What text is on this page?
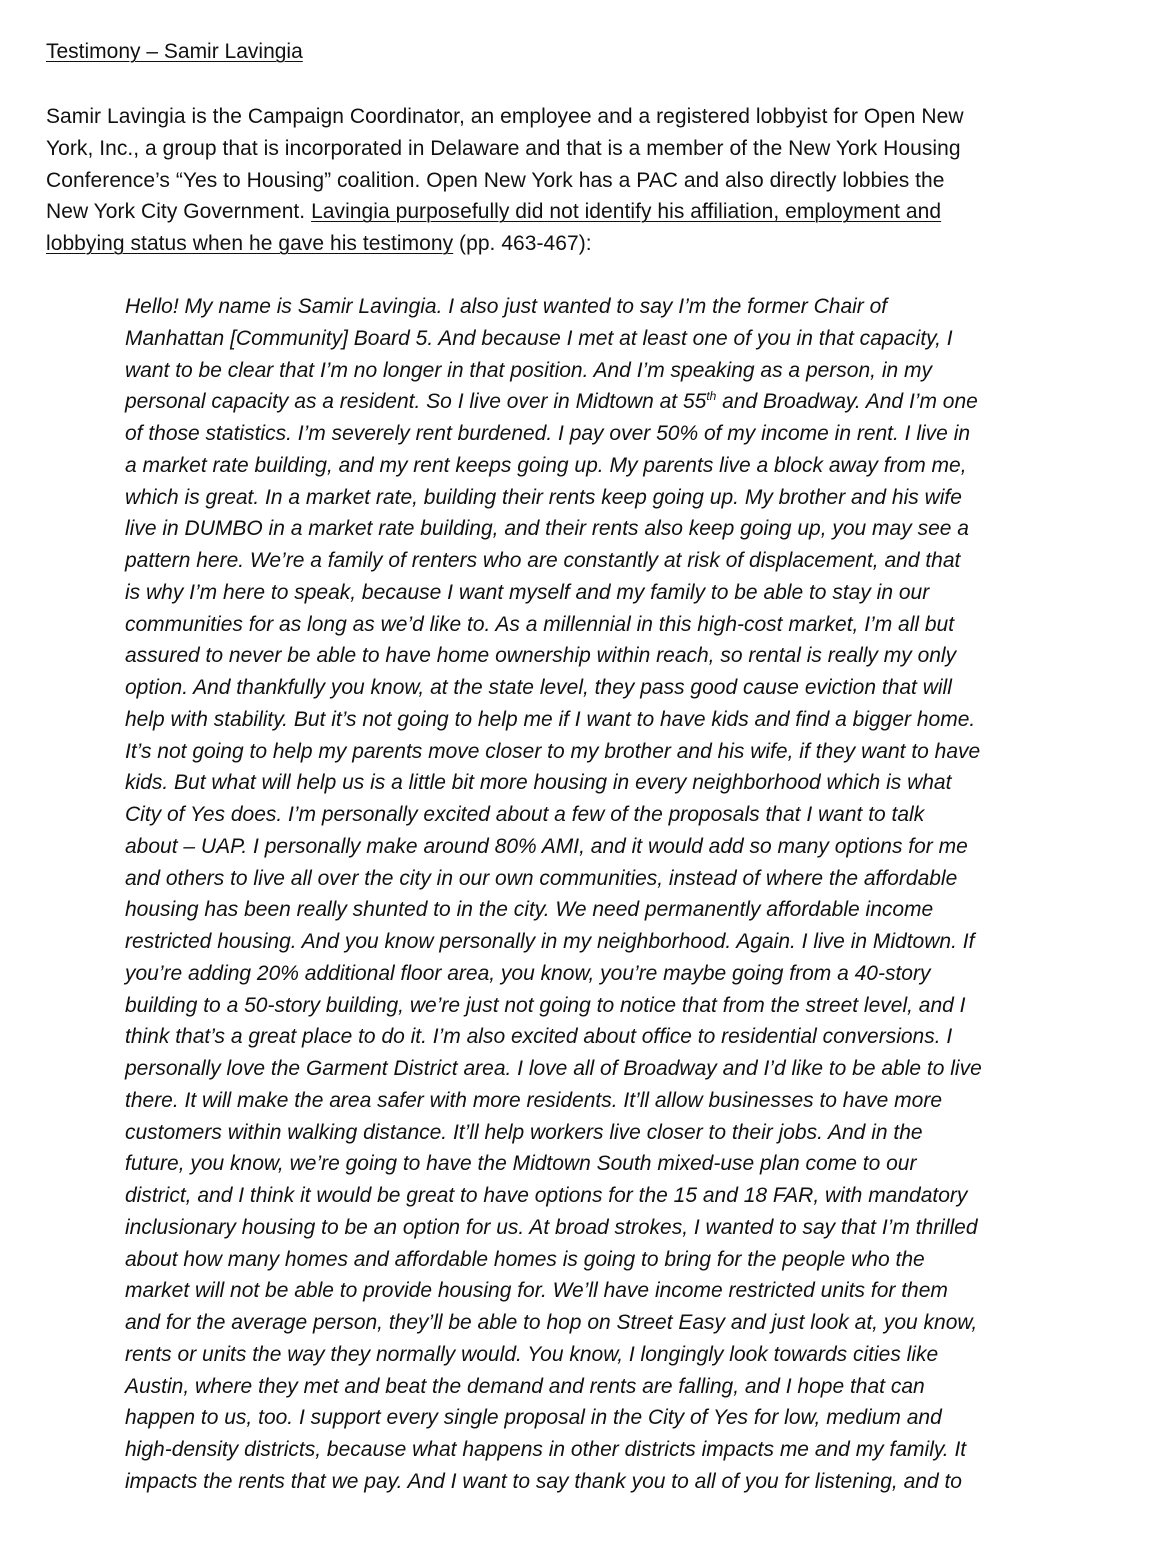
Testimony – Samir Lavingia
Samir Lavingia is the Campaign Coordinator, an employee and a registered lobbyist for Open New
York, Inc., a group that is incorporated in Delaware and that is a member of the New York Housing
Conference’s “Yes to Housing” coalition. Open New York has a PAC and also directly lobbies the
New York City Government. Lavingia purposefully did not identify his affiliation, employment and
lobbying status when he gave his testimony (pp. 463-467):
Hello! My name is Samir Lavingia. I also just wanted to say I’m the former Chair of
Manhattan [Community] Board 5. And because I met at least one of you in that capacity, I
want to be clear that I’m no longer in that position. And I’m speaking as a person, in my
personal capacity as a resident. So I live over in Midtown at 55th and Broadway. And I’m one
of those statistics. I’m severely rent burdened. I pay over 50% of my income in rent. I live in
a market rate building, and my rent keeps going up. My parents live a block away from me,
which is great. In a market rate, building their rents keep going up. My brother and his wife
live in DUMBO in a market rate building, and their rents also keep going up, you may see a
pattern here. We’re a family of renters who are constantly at risk of displacement, and that
is why I’m here to speak, because I want myself and my family to be able to stay in our
communities for as long as we’d like to. As a millennial in this high-cost market, I’m all but
assured to never be able to have home ownership within reach, so rental is really my only
option. And thankfully you know, at the state level, they pass good cause eviction that will
help with stability. But it’s not going to help me if I want to have kids and find a bigger home.
It’s not going to help my parents move closer to my brother and his wife, if they want to have
kids. But what will help us is a little bit more housing in every neighborhood which is what
City of Yes does. I’m personally excited about a few of the proposals that I want to talk
about – UAP. I personally make around 80% AMI, and it would add so many options for me
and others to live all over the city in our own communities, instead of where the affordable
housing has been really shunted to in the city. We need permanently affordable income
restricted housing. And you know personally in my neighborhood. Again. I live in Midtown. If
you’re adding 20% additional floor area, you know, you’re maybe going from a 40-story
building to a 50-story building, we’re just not going to notice that from the street level, and I
think that’s a great place to do it. I’m also excited about office to residential conversions. I
personally love the Garment District area. I love all of Broadway and I’d like to be able to live
there. It will make the area safer with more residents. It’ll allow businesses to have more
customers within walking distance. It’ll help workers live closer to their jobs. And in the
future, you know, we’re going to have the Midtown South mixed-use plan come to our
district, and I think it would be great to have options for the 15 and 18 FAR, with mandatory
inclusionary housing to be an option for us. At broad strokes, I wanted to say that I’m thrilled
about how many homes and affordable homes is going to bring for the people who the
market will not be able to provide housing for. We’ll have income restricted units for them
and for the average person, they’ll be able to hop on Street Easy and just look at, you know,
rents or units the way they normally would. You know, I longingly look towards cities like
Austin, where they met and beat the demand and rents are falling, and I hope that can
happen to us, too. I support every single proposal in the City of Yes for low, medium and
high-density districts, because what happens in other districts impacts me and my family. It
impacts the rents that we pay. And I want to say thank you to all of you for listening, and to
